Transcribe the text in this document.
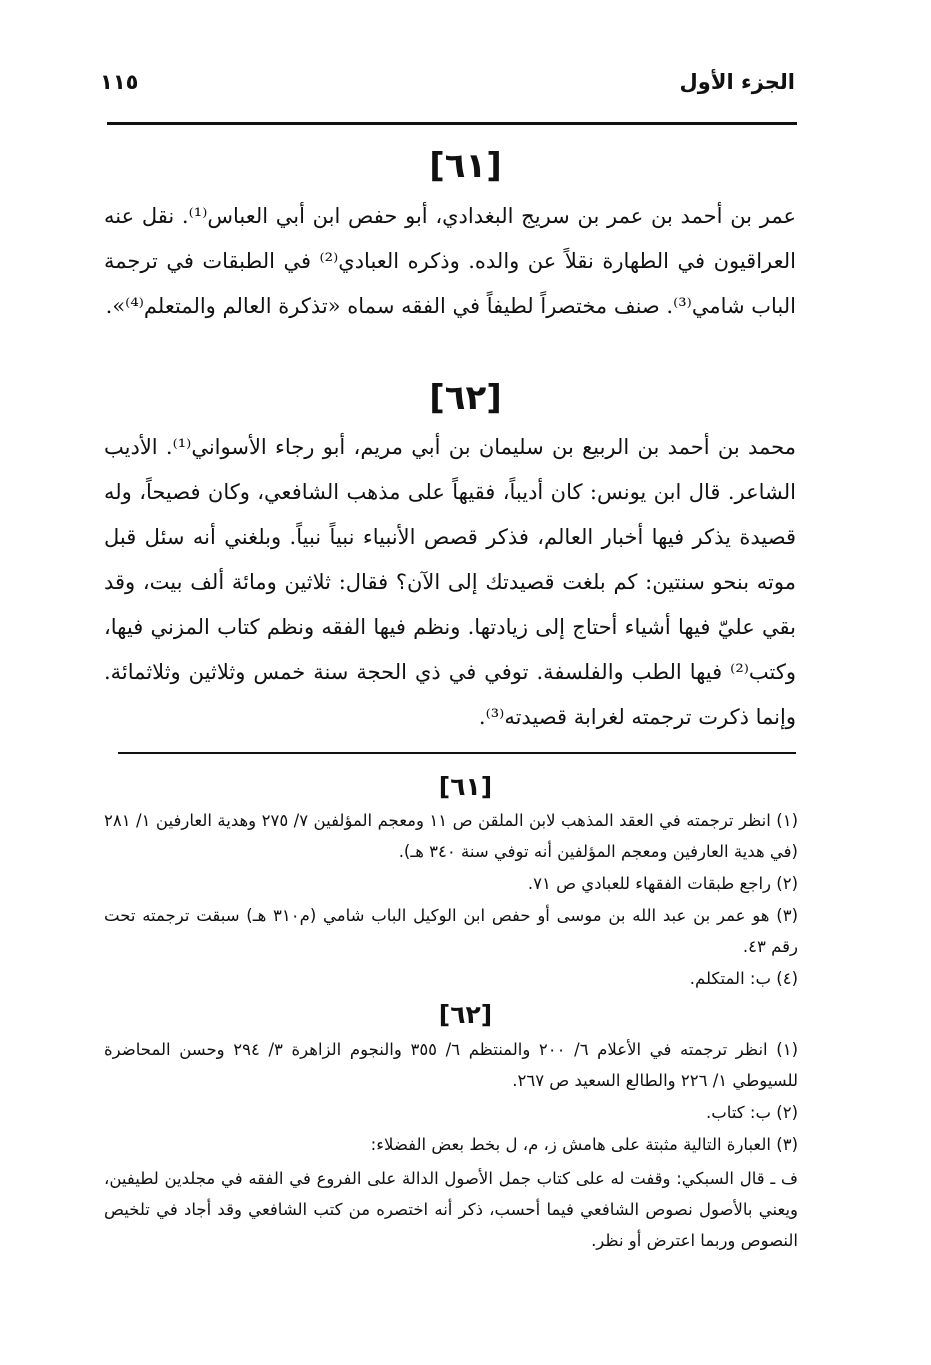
الجزء الأول
١١٥
[٦١]

عمر بن أحمد بن عمر بن سريج البغدادي، أبو حفص ابن أبي العباس⁽¹⁾. نقل عنه العراقيون في الطهارة نقلاً عن والده. وذكره العبادي⁽²⁾ في الطبقات في ترجمة الباب شامي⁽³⁾. صنف مختصراً لطيفاً في الفقه سماه «تذكرة العالم والمتعلم⁽⁴⁾».

[٦٢]

محمد بن أحمد بن الربيع بن سليمان بن أبي مريم، أبو رجاء الأسواني⁽¹⁾. الأديب الشاعر. قال ابن يونس: كان أديباً، فقيهاً على مذهب الشافعي، وكان فصيحاً، وله قصيدة يذكر فيها أخبار العالم، فذكر قصص الأنبياء نبياً نبياً. وبلغني أنه سئل قبل موته بنحو سنتين: كم بلغت قصيدتك إلى الآن؟ فقال: ثلاثين ومائة ألف بيت، وقد بقي عليّ فيها أشياء أحتاج إلى زيادتها. ونظم فيها الفقه ونظم كتاب المزني فيها، وكتب⁽²⁾ فيها الطب والفلسفة. توفي في ذي الحجة سنة خمس وثلاثين وثلاثمائة. وإنما ذكرت ترجمته لغرابة قصيدته⁽³⁾.

[٦١]

(١) انظر ترجمته في العقد المذهب لابن الملقن ص ١١ ومعجم المؤلفين ٧/ ٢٧٥ وهدية العارفين ١/ ٢٨١ (في هدية العارفين ومعجم المؤلفين أنه توفي سنة ٣٤٠ هـ).

(٢) راجع طبقات الفقهاء للعبادي ص ٧١.

(٣) هو عمر بن عبد الله بن موسى أو حفص ابن الوكيل الباب شامي (م٣١٠ هـ) سبقت ترجمته تحت رقم ٤٣.

(٤) ب: المتكلم.

[٦٢]

(١) انظر ترجمته في الأعلام ٦/ ٢٠٠ والمنتظم ٦/ ٣٥٥ والنجوم الزاهرة ٣/ ٢٩٤ وحسن المحاضرة للسيوطي ١/ ٢٢٦ والطالع السعيد ص ٢٦٧.

(٢) ب: كتاب.

(٣) العبارة التالية مثبتة على هامش ز، م، ل بخط بعض الفضلاء:

ف ـ قال السبكي: وقفت له على كتاب جمل الأصول الدالة على الفروع في الفقه في مجلدين لطيفين، ويعني بالأصول نصوص الشافعي فيما أحسب، ذكر أنه اختصره من كتب الشافعي وقد أجاد في تلخيص النصوص وربما اعترض أو نظر.
